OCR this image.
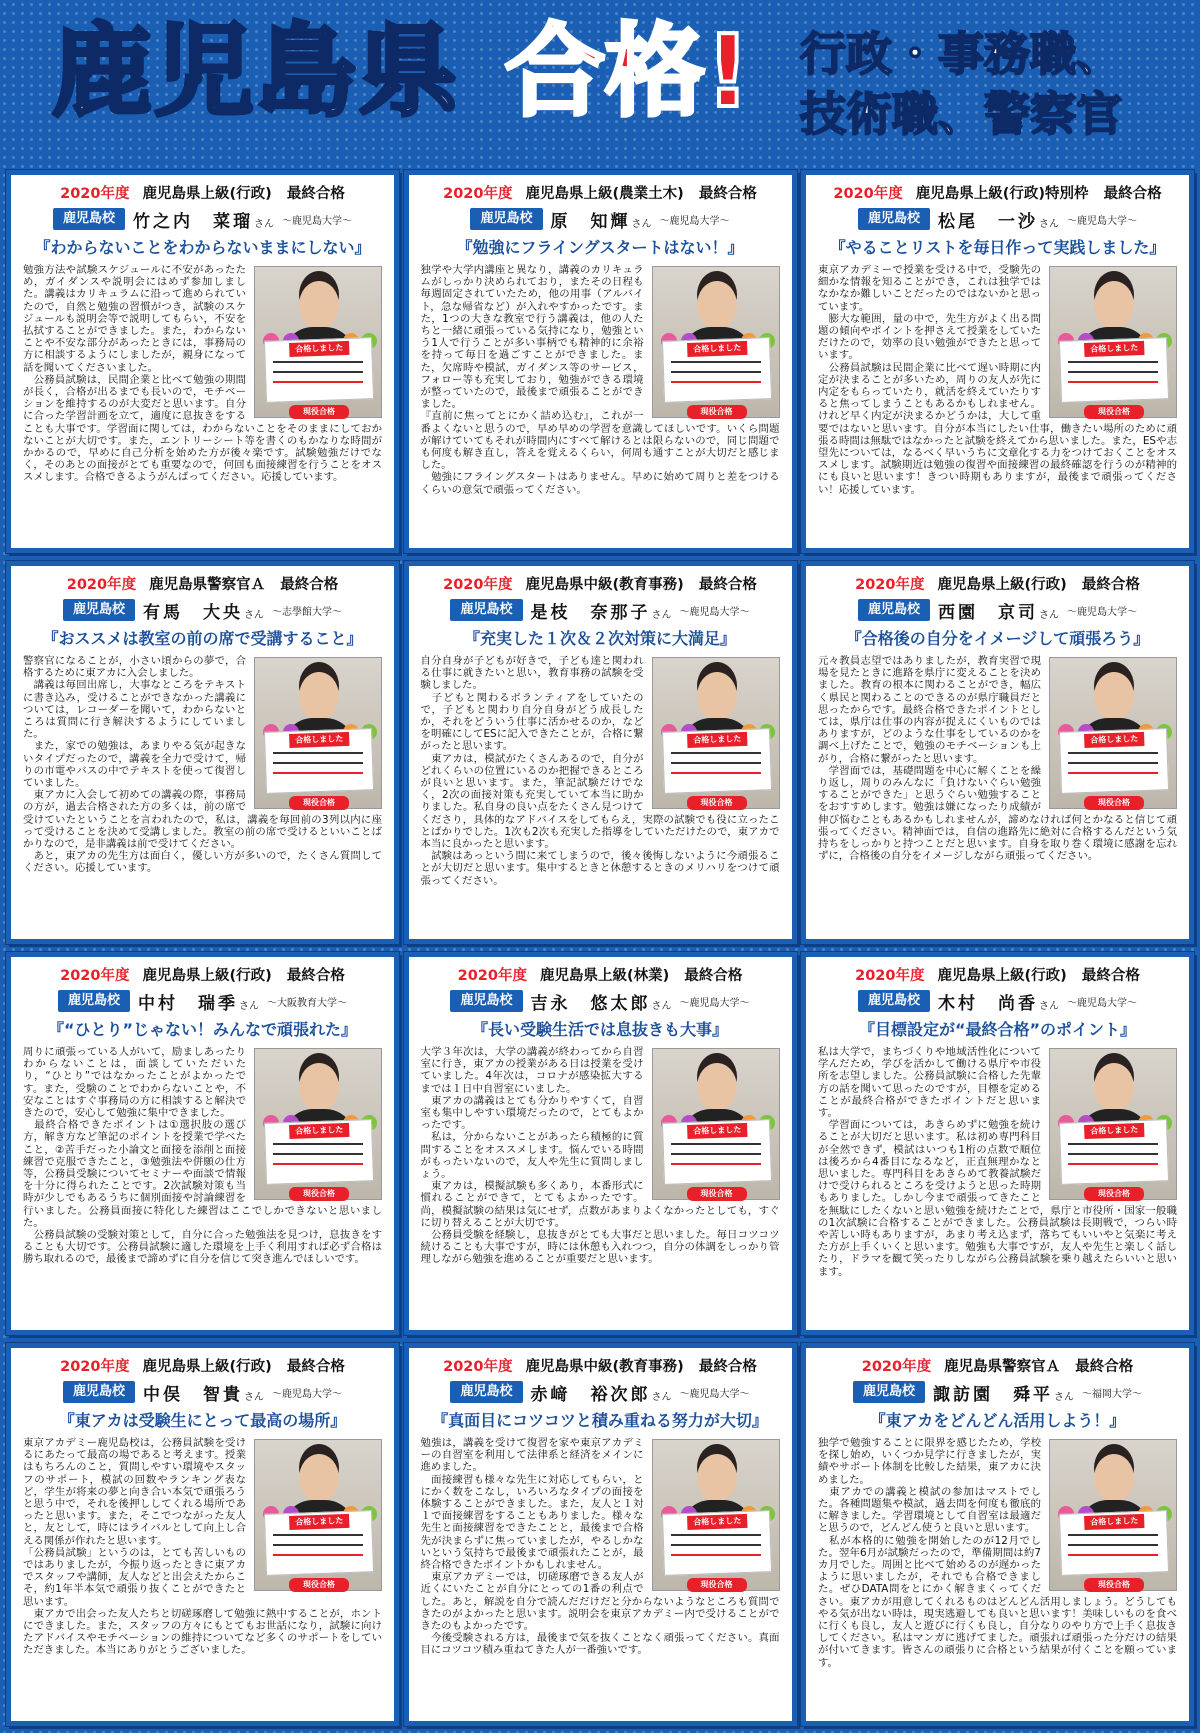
鹿児島県 合格! 行政・事務職、
技術職、警察官
2020年度 鹿児島県上級(行政) 最終合格
鹿児島校	竹之内　菜瑠さん ～鹿児島大学～
『わからないことをわからないままにしない』
合格しました
現役合格
勉強方法や試験スケジュールに不安があったため，ガイダンスや説明会にはめず参加しました。講義はカリキュラムに沿って進められていたので，自然と勉強の習慣がつき，試験のスケジュールも説明会等で説明してもらい，不安を払拭することができました。また，わからないことや不安な部分があったときには，事務局の方に相談するようにしましたが，親身になって話を聞いてくださいました。
　公務員試験は，民間企業と比べて勉強の期間が長く，合格が出るまでも長いので，モチベーションを維持するのが大変だと思います。自分に合った学習計画を立て，適度に息抜きをすることも大事です。学習面に関しては，わからないことをそのままにしておかないことが大切です。また，エントリーシート等を書くのもかなりな時間がかかるので，早めに自己分析を始めた方が後々楽です。試験勉強だけでなく，そのあとの面接がとても重要なので，何回も面接練習を行うことをオススメします。合格できるようがんばってください。応援しています。
2020年度 鹿児島県上級(農業土木) 最終合格
鹿児島校	原　知輝さん ～鹿児島大学～
『勉強にフライングスタートはない！』
合格しました
現役合格
独学や大学内講座と異なり，講義のカリキュラムがしっかり決められており，またその日程も毎週固定されていたため，他の用事（アルバイト，急な帰省など）が入れやすかったです。また，1つの大きな教室で行う講義は，他の人たちと一緒に頑張っている気持になり，勉強という1人で行うことが多い事柄でも精神的に余裕を持って毎日を過ごすことができました。また，欠席時や模試，ガイダンス等のサービス，フォロー等も充実しており，勉強ができる環境が整っていたので，最後まで頑張ることができました。
『直前に焦ってとにかく詰め込む』，これが一番よくないと思うので，早め早めの学習を意識してほしいです。いくら問題が解けていてもそれが時間内にすべて解けるとは限らないので，同じ問題でも何度も解き直し，答えを覚えるくらい，何周も通すことが大切だと感じました。
　勉強にフライングスタートはありません。早めに始めて周りと差をつけるくらいの意気で頑張ってください。
2020年度 鹿児島県上級(行政)特別枠 最終合格
鹿児島校	松尾　一沙さん ～鹿児島大学～
『やることリストを毎日作って実践しました』
合格しました
現役合格
東京アカデミーで授業を受ける中で，受験先の細かな情報を知ることができ，これは独学ではなかなか難しいことだったのではないかと思っています。
　膨大な範囲，量の中で，先生方がよく出る問題の傾向やポイントを押さえて授業をしていただけたので，効率の良い勉強ができたと思っています。
　公務員試験は民間企業に比べて遅い時期に内定が決まることが多いため，周りの友人が先に内定をもらっていたり，就活を終えていたりすると焦ってしまうこともあるかもしれません。けれど早く内定が決まるかどうかは，大して重要ではないと思います。自分が本当にしたい仕事，働きたい場所のために頑張る時間は無駄ではなかったと試験を終えてから思いました。また，ESや志望先については，なるべく早いうちに文章化する力をつけておくことをオススメします。試験期近は勉強の復習や面接練習の最終確認を行うのが精神的にも良いと思います！きつい時期もありますが，最後まで頑張ってください！応援しています。
2020年度 鹿児島県警察官Ａ 最終合格
鹿児島校	有馬　大央さん ～志學館大学～
『おススメは教室の前の席で受講すること』
合格しました
現役合格
警察官になることが，小さい頃からの夢で，合格するために東アカに入会しました。
　講義は毎回出席し，大事なところをテキストに書き込み，受けることができなかった講義については，レコーダーを聞いて，わからないところは質問に行き解決するようにしていました。
　また，家での勉強は，あまりやる気が起きないタイプだったので，講義を全力で受けて，帰りの市電やバスの中でテキストを使って復習していました。
　東アカに入会して初めての講義の際，事務局の方が，過去合格された方の多くは，前の席で受けていたということを言われたので，私は，講義を毎回前の3列以内に座って受けることを決めて受講しました。教室の前の席で受けるといいことばかりなので，是非講義は前で受けてください。
　あと，東アカの先生方は面白く，優しい方が多いので，たくさん質問してください。応援しています。
2020年度 鹿児島県中級(教育事務) 最終合格
鹿児島校	是枝　奈那子さん ～鹿児島大学～
『充実した１次＆２次対策に大満足』
合格しました
現役合格
自分自身が子どもが好きで，子ども達と関われる仕事に就きたいと思い，教育事務の試験を受験しました。
　子どもと関わるボランティアをしていたので，子どもと関わり自分自身がどう成長したか，それをどういう仕事に活かせるのか，などを明確にしてESに記入できたことが，合格に繋がったと思います。
　東アカは，模試がたくさんあるので，自分がどれくらいの位置にいるのか把握できるところが良いと思います。また，筆記試験だけでなく，2次の面接対策も充実していて本当に助かりました。私自身の良い点をたくさん見つけてくださり，具体的なアドバイスをしてもらえ，実際の試験でも役に立ったことばかりでした。1次も2次も充実した指導をしていただけたので，東アカで本当に良かったと思います。
　試験はあっという間に来てしまうので，後々後悔しないように今頑張ることが大切だと思います。集中するときと休憩するときのメリハリをつけて頑張ってください。
2020年度 鹿児島県上級(行政) 最終合格
鹿児島校	西園　京司さん ～鹿児島大学～
『合格後の自分をイメージして頑張ろう』
合格しました
現役合格
元々教員志望ではありましたが，教育実習で現場を見たときに進路を県庁に変えることを決めました。教育の根本に関わることができ，幅広く県民と関わることのできるのが県庁職員だと思ったからです。最終合格できたポイントとしては，県庁は仕事の内容が捉えにくいものではありますが，どのような仕事をしているのかを調べ上げたことで，勉強のモチベーションも上がり，合格に繋がったと思います。
　学習面では，基礎問題を中心に解くことを繰り返し，周りのみんなに「負けないぐらい勉強することができた」と思うぐらい勉強することをおすすめします。勉強は嫌になったり成績が伸び悩むこともあるかもしれませんが，諦めなければ何とかなると信じて頑張ってください。精神面では，自信の進路先に絶対に合格するんだという気持ちをしっかりと持つことだと思います。自身を取り巻く環境に感謝を忘れずに，合格後の自分をイメージしながら頑張ってください。
2020年度 鹿児島県上級(行政) 最終合格
鹿児島校	中村　瑞季さん ～大阪教育大学～
『“ひとり”じゃない！みんなで頑張れた』
合格しました
現役合格
周りに頑張っている人がいて，励ましあったりわからないことは，面談していただいたり，“ひとり”ではなかったことがよかったです。また，受験のことでわからないことや，不安なことはすぐ事務局の方に相談すると解決できたので，安心して勉強に集中できました。
　最終合格できたポイントは①選択肢の選び方，解き方など筆記のポイントを授業で学べたこと，②苦手だった小論文と面接を添削と面接練習で克服できたこと，③勉強法や併願の仕方等，公務員受験についてセミナーや面談で情報を十分に得られたことです。2次試験対策も当時が少しでもあるうちに個別面接や討論練習を行いました。公務員面接に特化した練習はここでしかできないと思いました。
　公務員試験の受験対策として，自分に合った勉強法を見つけ，息抜きをすることも大切です。公務員試験に適した環境を上手く利用すれば必ず合格は勝ち取れるので，最後まで諦めずに自分を信じて突き進んでほしいです。
2020年度 鹿児島県上級(林業) 最終合格
鹿児島校	吉永　悠太郎さん ～鹿児島大学～
『長い受験生活では息抜きも大事』
合格しました
現役合格
大学３年次は，大学の講義が終わってから自習室に行き，東アカの授業がある日は授業を受けていました。4年次は，コロナが感染拡大するまでは１日中自習室にいました。
　東アカの講義はとても分かりやすくて，自習室も集中しやすい環境だったので，とてもよかったです。
　私は，分からないことがあったら積極的に質問することをオススメします。悩んでいる時間がもったいないので，友人や先生に質問しましょう。
　東アカは，模擬試験も多くあり，本番形式に慣れることができて，とてもよかったです。尚，模擬試験の結果は気にせず，点数があまりよくなかったとしても，すぐに切り替えることが大切です。
　公務員受験を経験し，息抜きがとても大事だと思いました。毎日コツコツ続けることも大事ですが，時には休憩も入れつつ，自分の体調をしっかり管理しながら勉強を進めることが重要だと思います。
2020年度 鹿児島県上級(行政) 最終合格
鹿児島校	木村　尚香さん ～鹿児島大学～
『目標設定が“最終合格”のポイント』
合格しました
現役合格
私は大学で，まちづくりや地域活性化について学んだため，学びを活かして働ける県庁や市役所を志望しました。公務員試験に合格した先輩方の話を聞いて思ったのですが，目標を定めることが最終合格ができたポイントだと思います。
　学習面については，あきらめずに勉強を続けることが大切だと思います。私は初め専門科目が全然できず，模試はいつも1桁の点数で順位は後ろから4番目になるなど，正直無理かなと思いました。専門科目をあきらめて教養試験だけで受けられるところを受けようと思った時期もありました。しかし今まで頑張ってきたことを無駄にしたくないと思い勉強を続けたことで，県庁と市役所・国家一般職の1次試験に合格することができました。公務員試験は長期戦で，つらい時や苦しい時もありますが，あまり考え込まず，落ちてもいいやと気楽に考えた方が上手くいくと思います。勉強も大事ですが，友人や先生と楽しく話したり，ドラマを観て笑ったりしながら公務員試験を乗り越えたらいいと思います。
2020年度 鹿児島県上級(行政) 最終合格
鹿児島校	中俣　智貴さん ～鹿児島大学～
『東アカは受験生にとって最高の場所』
合格しました
現役合格
東京アカデミー鹿児島校は，公務員試験を受けるにあたって最高の場であると考えます。授業はもちろんのこと，質問しやすい環境やスタッフのサポート，模試の回数やランキング表など，学生が将来の夢と向き合い本気で頑張ろうと思う中で，それを後押ししてくれる場所であったと思います。また，そこでつながった友人と，友として，時にはライバルとして向上し合える関係が作れたと思います。
「公務員試験」というのは，とても苦しいものではありましたが，今振り返ったときに東アカでスタッフや講師，友人などと出会えたからこそ，約1年半本気で頑張り抜くことができたと思います。
　東アカで出会った友人たちと切磋琢磨して勉強に熱中することが，ホントにできました。また，スタッフの方々にもとてもお世話になり，試験に向けたアドバイスやモチベーションの維持についてなど多くのサポートをしていただきました。本当にありがとうございました。
2020年度 鹿児島県中級(教育事務) 最終合格
鹿児島校	赤﨑　裕次郎さん ～鹿児島大学～
『真面目にコツコツと積み重ねる努力が大切』
合格しました
現役合格
勉強は，講義を受けて復習を家や東京アカデミーの自習室を利用して法律系と経済をメインに進めました。
　面接練習も様々な先生に対応してもらい，とにかく数をこなし，いろいろなタイプの面接を体験することができました。また，友人と１対１で面接練習をすることもありました。様々な先生と面接練習をできたことと，最後まで合格先が決まらずに焦っていましたが，やるしかないという気持ちで最後まで頑張れたことが，最終合格できたポイントかもしれません。
　東京アカデミーでは，切磋琢磨できる友人が近くにいたことが自分にとっての1番の利点でした。あと，解説を自分で読んだだけだと分からないようなところも質問できたのがよかったと思います。説明会を東京アカデミー内で受けることができたのもよかったです。
　今後受験される方は，最後まで気を抜くことなく頑張ってください。真面目にコツコツ積み重ねてきた人が一番強いです。
2020年度 鹿児島県警察官Ａ 最終合格
鹿児島校	諏訪園　舜平さん ～福岡大学～
『東アカをどんどん活用しよう！』
合格しました
現役合格
独学で勉強することに限界を感じたため，学校を探し始め，いくつか見学に行きましたが，実績やサポート体制を比較した結果，東アカに決めました。
　東アカでの講義と模試の参加はマストでした。各種問題集や模試，過去問を何度も徹底的に解きました。学習環境として自習室は最適だと思うので，どんどん使うと良いと思います。
　私が本格的に勉強を開始したのが12月でした。翌年6月が試験だったので，準備期間は約7カ月でした。周囲と比べて始めるのが遅かったように思いましたが，それでも合格できました。ぜひDATA問をとにかく解きまくってください。東アカが用意してくれるものはどんどん活用しましょう。どうしてもやる気が出ない時は，現実逃避しても良いと思います！美味しいものを食べに行くも良し，友人と遊びに行くも良し，自分なりのやり方で上手く息抜きしてください。私はマンガに逃げてました。頑張れば頑張った分だけの結果が付いてきます。皆さんの頑張りに合格という結果が付くことを願っています。
